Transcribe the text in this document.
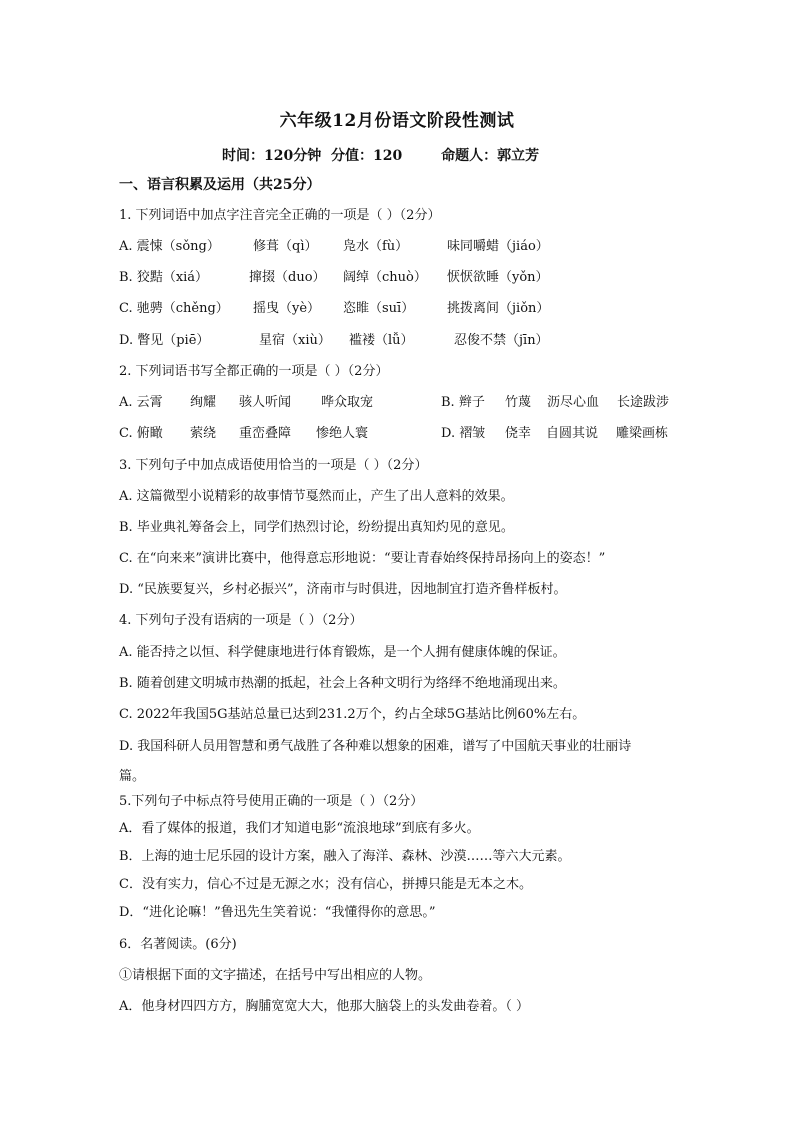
六年级12月份语文阶段性测试
时间：120分钟  分值：120        命题人：郭立芳
一、语言积累及运用（共25分）
1. 下列词语中加点字注音完全正确的一项是（ ）（2分）
A. 震悚（sǒng）	修葺（qì） 凫水（fù）	味同嚼蜡（jiáo）
B. 狡黠（xiá）	撺掇（duo） 阔绰（chuò） 恹恹欲睡（yǒn）
C. 驰骋（chěng） 摇曳（yè） 恣睢（suī）	挑拨离间（jiǒn）
D. 瞥见（piē）	星宿（xiù） 褴褛（lǚ）	忍俊不禁（jīn）
2. 下列词语书写全都正确的一项是（ ）（2分）
A. 云霄 绚耀 骇人听闻 哗众取宠	B. 辫子 竹蔑 沥尽心血 长途跋涉
C. 俯瞰 萦绕 重峦叠障 惨绝人寰	D. 褶皱 侥幸 自圆其说 雕梁画栋
3. 下列句子中加点成语使用恰当的一项是（ ）（2分）
A. 这篇微型小说精彩的故事情节戛然而止，产生了出人意料的效果。
B. 毕业典礼筹备会上，同学们热烈讨论，纷纷提出真知灼见的意见。
C. 在“向来来”演讲比赛中，他得意忘形地说：“要让青春始终保持昂扬向上的姿态！”
D. “民族要复兴，乡村必振兴”，济南市与时俱进，因地制宜打造齐鲁样板村。
4. 下列句子没有语病的一项是（ ）（2分）
A. 能否持之以恒、科学健康地进行体育锻炼，是一个人拥有健康体魄的保证。
B. 随着创建文明城市热潮的抵起，社会上各种文明行为络绎不绝地涌现出来。
C. 2022年我国5G基站总量已达到231.2万个，约占全球5G基站比例60%左右。
D. 我国科研人员用智慧和勇气战胜了各种难以想象的困难，谱写了中国航天事业的壮丽诗
篇。
5.下列句子中标点符号使用正确的一项是（ ）（2分）
A．看了媒体的报道，我们才知道电影“流浪地球”到底有多火。
B．上海的迪士尼乐园的设计方案，融入了海洋、森林、沙漠……等六大元素。
C．没有实力，信心不过是无源之水；没有信心，拼搏只能是无本之木。
D．“进化论嘛！”鲁迅先生笑着说：“我懂得你的意思。”
6．名著阅读。(6分)
①请根据下面的文字描述，在括号中写出相应的人物。
A．他身材四四方方，胸脯宽宽大大，他那大脑袋上的头发曲卷着。（ ）
